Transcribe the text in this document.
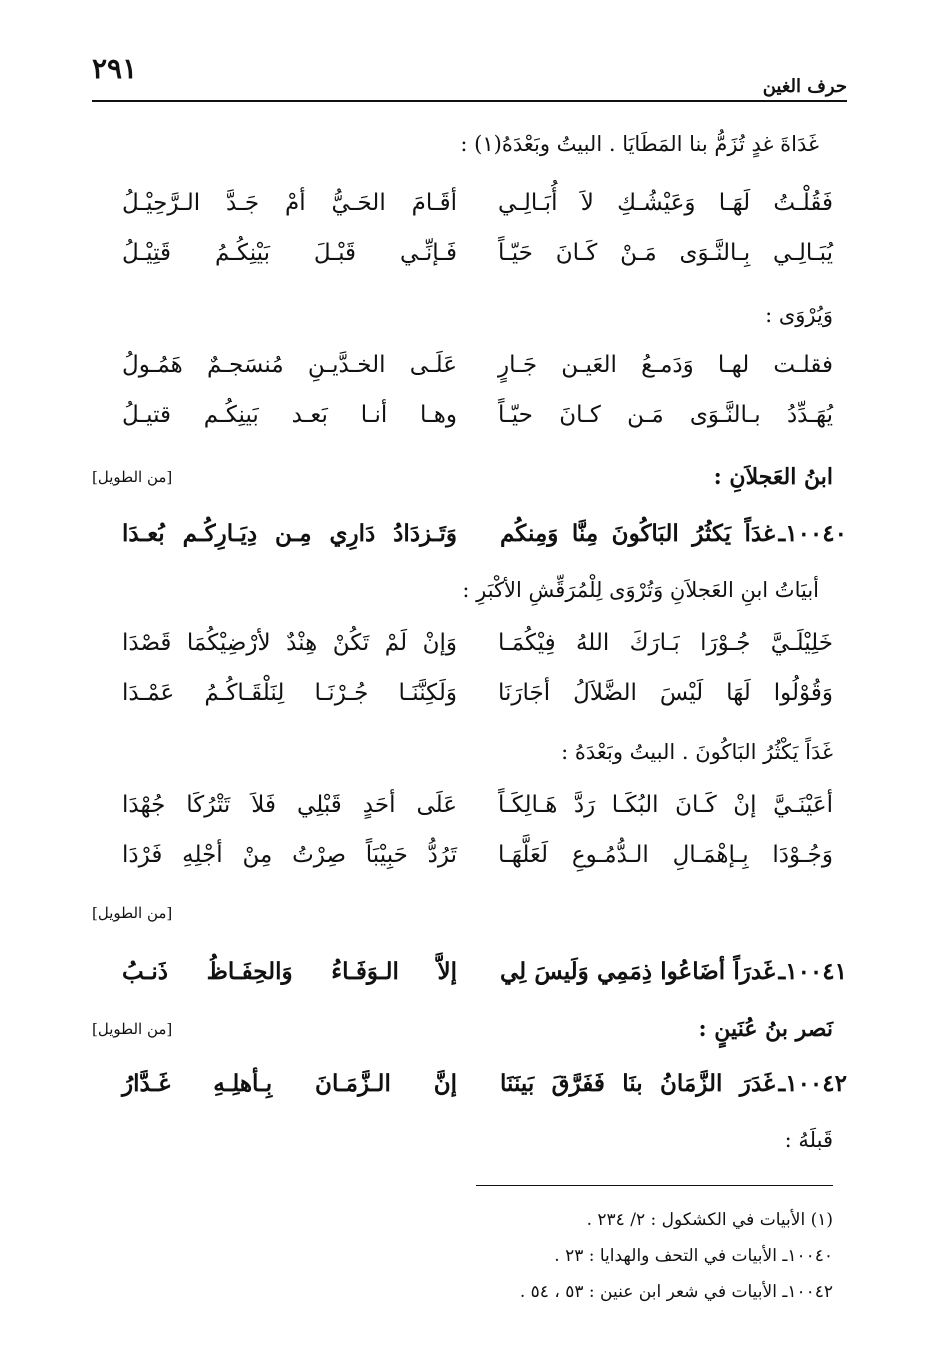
٢٩١
حرف الغين
غَدَاةَ غدٍ تُزَمُّ بنا المَطَايَا . البيتُ وبَعْدَهُ(١) :
فَقُلْـتُ لَهَـا وَعَيْشُـكِ لاَ أُبَـالِـي
أقَـامَ الحَـيُّ أمْ جَـدَّ الـرَّحِيْـلُ
يُبَـالِـي بِـالنَّـوَى مَـنْ كَـانَ حَيّـاً
فَـإنِّـي قَبْـلَ بَيْنِكُـمُ قَتِيْـلُ
وَيُرْوَى :
فقلـت لهـا وَدَمـعُ العَيـن جَـارٍ
عَلَـى الخـدَّيـنِ مُنسَجـمٌ هَمُـولُ
يُهَـدِّدُ بـالنَّـوَى مَـن كـانَ حيّـاً
وهـا أنـا بَعـد بَينِكُـم قتيـلُ
ابنُ العَجلاَنِ :
[من الطويل]
١٠٠٤٠ـ
غدَاً يَكثُرُ البَاكُونَ مِنَّا وَمِنكُم
وَتَـزدَادُ دَارِي مِـن دِيَـارِكُـم بُعـدَا
أبيَاتُ ابنِ العَجلاَنِ وَتُرْوَى لِلْمُرَقِّشِ الأكْبَرِ :
خَلِيْلَـيَّ جُـوْرَا بَـارَكَ اللهُ فِيْكُمَـا
وَإنْ لَمْ تَكُنْ هِنْدٌ لأرْضِيْكُمَا قَصْدَا
وَقُوْلُوا لَهَا لَيْسَ الضَّلاَلُ أجَارَنَا
وَلَكِنَّنَـا جُـرْنَـا لِنَلْقَـاكُـمُ عَمْـدَا
غَدَاً يَكْثُرُ البَاكُونَ . البيتُ وبَعْدَهُ :
أعَيْنَـيَّ إنْ كَـانَ البُكَـا رَدَّ هَـالِكَـاً
عَلَى أحَدٍ قَبْلِي فَلاَ تَتْرُكَا جُهْدَا
وَجُـوْدَا بِـإهْمَـالِ الـدُّمُـوعِ لَعَلَّهَـا
تَرُدُّ حَبِيْبَاً صِرْتُ مِنْ أجْلِهِ فَرْدَا
[من الطويل]
١٠٠٤١ـ
غَدرَاً أضَاعُوا ذِمَمِي وَلَيسَ لِي
إلاَّ الـوَفَـاءُ وَالحِفَـاظُ ذَنـبُ
نَصر بنُ عُنَينٍ :
[من الطويل]
١٠٠٤٢ـ
غَدَرَ الزَّمَانُ بنَا فَفَرَّقَ بَينَنَا
إنَّ الـزَّمَـانَ بِـأهلِـهِ غَـدَّارُ
قَبلَهُ :
(١) الأبيات في الكشكول : ٢/ ٢٣٤ .
١٠٠٤٠ـ الأبيات في التحف والهدايا : ٢٣ .
١٠٠٤٢ـ الأبيات في شعر ابن عنين : ٥٣ ، ٥٤ .
